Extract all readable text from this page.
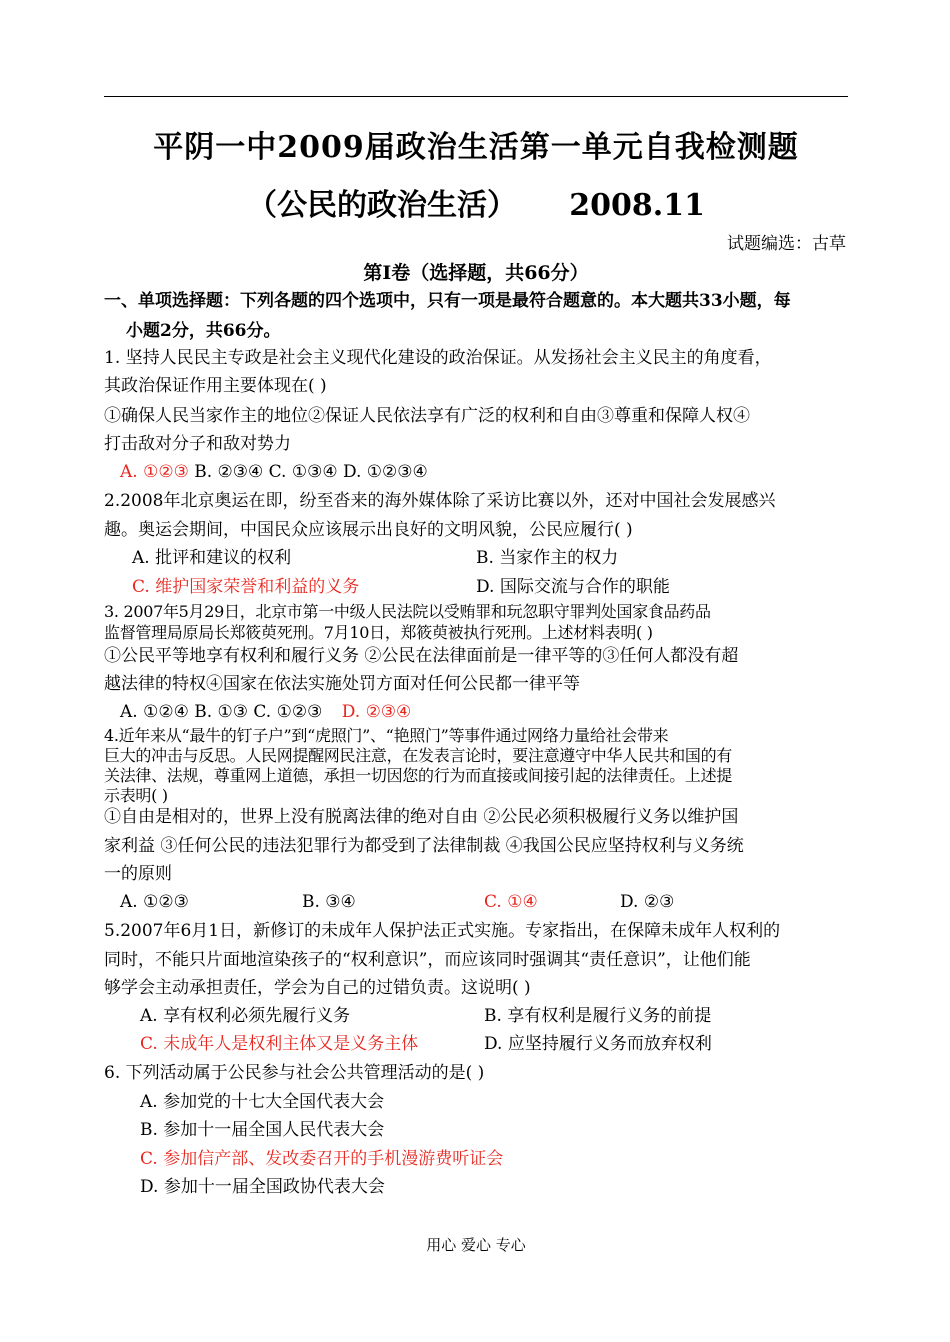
平阴一中2009届政治生活第一单元自我检测题
（公民的政治生活）     2008.11
试题编选：古草
第Ⅰ卷（选择题，共66分）
一、单项选择题：下列各题的四个选项中，只有一项是最符合题意的。本大题共33小题，每
小题2分，共66分。
1. 坚持人民民主专政是社会主义现代化建设的政治保证。从发扬社会主义民主的角度看，
其政治保证作用主要体现在( )
①确保人民当家作主的地位②保证人民依法享有广泛的权利和自由③尊重和保障人权④
打击敌对分子和敌对势力
A. ①②③ B. ②③④ C. ①③④ D. ①②③④
2.2008年北京奥运在即，纷至沓来的海外媒体除了采访比赛以外，还对中国社会发展感兴
趣。奥运会期间，中国民众应该展示出良好的文明风貌，公民应履行( )
A. 批评和建议的权利	B. 当家作主的权力
C. 维护国家荣誉和利益的义务	D. 国际交流与合作的职能
3. 2007年5月29日，北京市第一中级人民法院以受贿罪和玩忽职守罪判处国家食品药品
监督管理局原局长郑筱萸死刑。7月10日，郑筱萸被执行死刑。上述材料表明( )
①公民平等地享有权利和履行义务 ②公民在法律面前是一律平等的③任何人都没有超
越法律的特权④国家在依法实施处罚方面对任何公民都一律平等
A. ①②④ B. ①③ C. ①②③ D. ②③④
4.近年来从“最牛的钉子户”到“虎照门”、“艳照门”等事件通过网络力量给社会带来
巨大的冲击与反思。人民网提醒网民注意，在发表言论时，要注意遵守中华人民共和国的有
关法律、法规，尊重网上道德，承担一切因您的行为而直接或间接引起的法律责任。上述提
示表明( )
①自由是相对的，世界上没有脱离法律的绝对自由 ②公民必须积极履行义务以维护国
家利益 ③任何公民的违法犯罪行为都受到了法律制裁 ④我国公民应坚持权利与义务统
一的原则
A. ①②③	B. ③④	C. ①④	D. ②③
5.2007年6月1日，新修订的未成年人保护法正式实施。专家指出，在保障未成年人权利的
同时，不能只片面地渲染孩子的“权利意识”，而应该同时强调其“责任意识”，让他们能
够学会主动承担责任，学会为自己的过错负责。这说明( )
A. 享有权利必须先履行义务	B. 享有权利是履行义务的前提
C. 未成年人是权利主体又是义务主体	D. 应坚持履行义务而放弃权利
6. 下列活动属于公民参与社会公共管理活动的是( )
A. 参加党的十七大全国代表大会
B. 参加十一届全国人民代表大会
C. 参加信产部、发改委召开的手机漫游费听证会
D. 参加十一届全国政协代表大会
用心 爱心 专心
